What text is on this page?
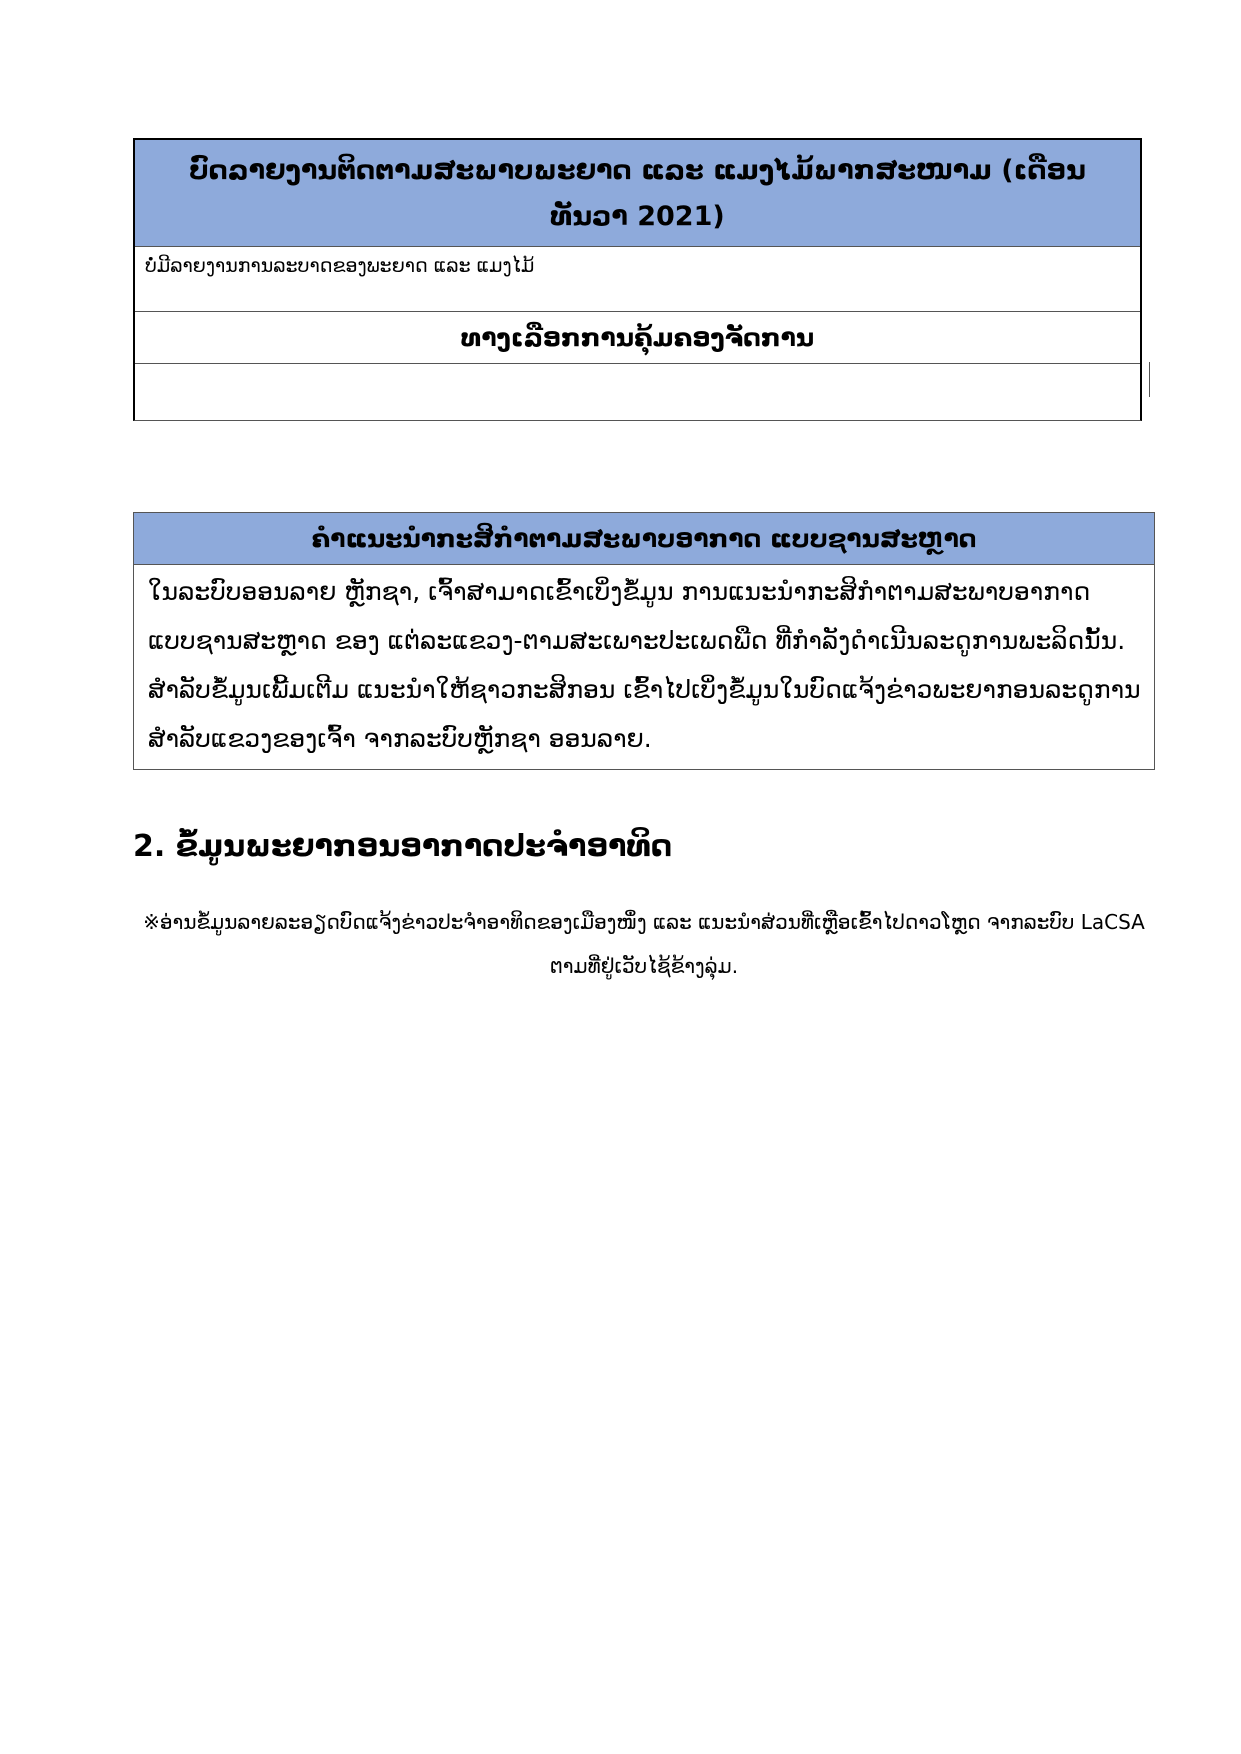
ບົດລາຍງານຕິດຕາມສະພາບພະຍາດ ແລະ ແມງໄມ້ພາກສະໜາມ (ເດືອນ ທັນວາ 2021)
ບໍ່ມີລາຍງານການລະບາດຂອງພະຍາດ ແລະ ແມງໄມ້
ທາງເລືອກການຄຸ້ມຄອງຈັດການ
ຄຳແນະນຳກະສິກຳຕາມສະພາບອາກາດ ແບບຊານສະຫຼາດ

ໃນລະບົບອອນລາຍ ຫຼັກຊາ, ເຈົ້າສາມາດເຂົ້າເບິ່ງຂໍ້ມູນ ການແນະນຳກະສິກຳຕາມສະພາບອາກາດ ແບບຊານສະຫຼາດ ຂອງ ແຕ່ລະແຂວງ-ຕາມສະເພາະປະເພດພືດ ທີ່ກຳລັງດຳເນີນລະດູການພະລິດນັ້ນ.

ສຳລັບຂໍ້ມູນເພີ້ມເຕີມ ແນະນຳໃຫ້ຊາວກະສິກອນ ເຂົ້າໄປເບິ່ງຂໍ້ມູນໃນບົດແຈ້ງຂ່າວພະຍາກອນລະດູການ ສຳລັບແຂວງຂອງເຈົ້າ ຈາກລະບົບຫຼັກຊາ ອອນລາຍ.

2. ຂໍ້ມູນພະຍາກອນອາກາດປະຈຳອາທິດ

※ອ່ານຂໍ້ມູນລາຍລະອຽດບົດແຈ້ງຂ່າວປະຈຳອາທິດຂອງເມືອງໜຶ່ງ ແລະ ແນະນຳສ່ວນທີ່ເຫຼືອເຂົ້າໄປດາວໂຫຼດ ຈາກລະບົບ LaCSA ຕາມທີ່ຢູ່ເວັບໄຊ້ຂ້າງລຸ່ມ.
